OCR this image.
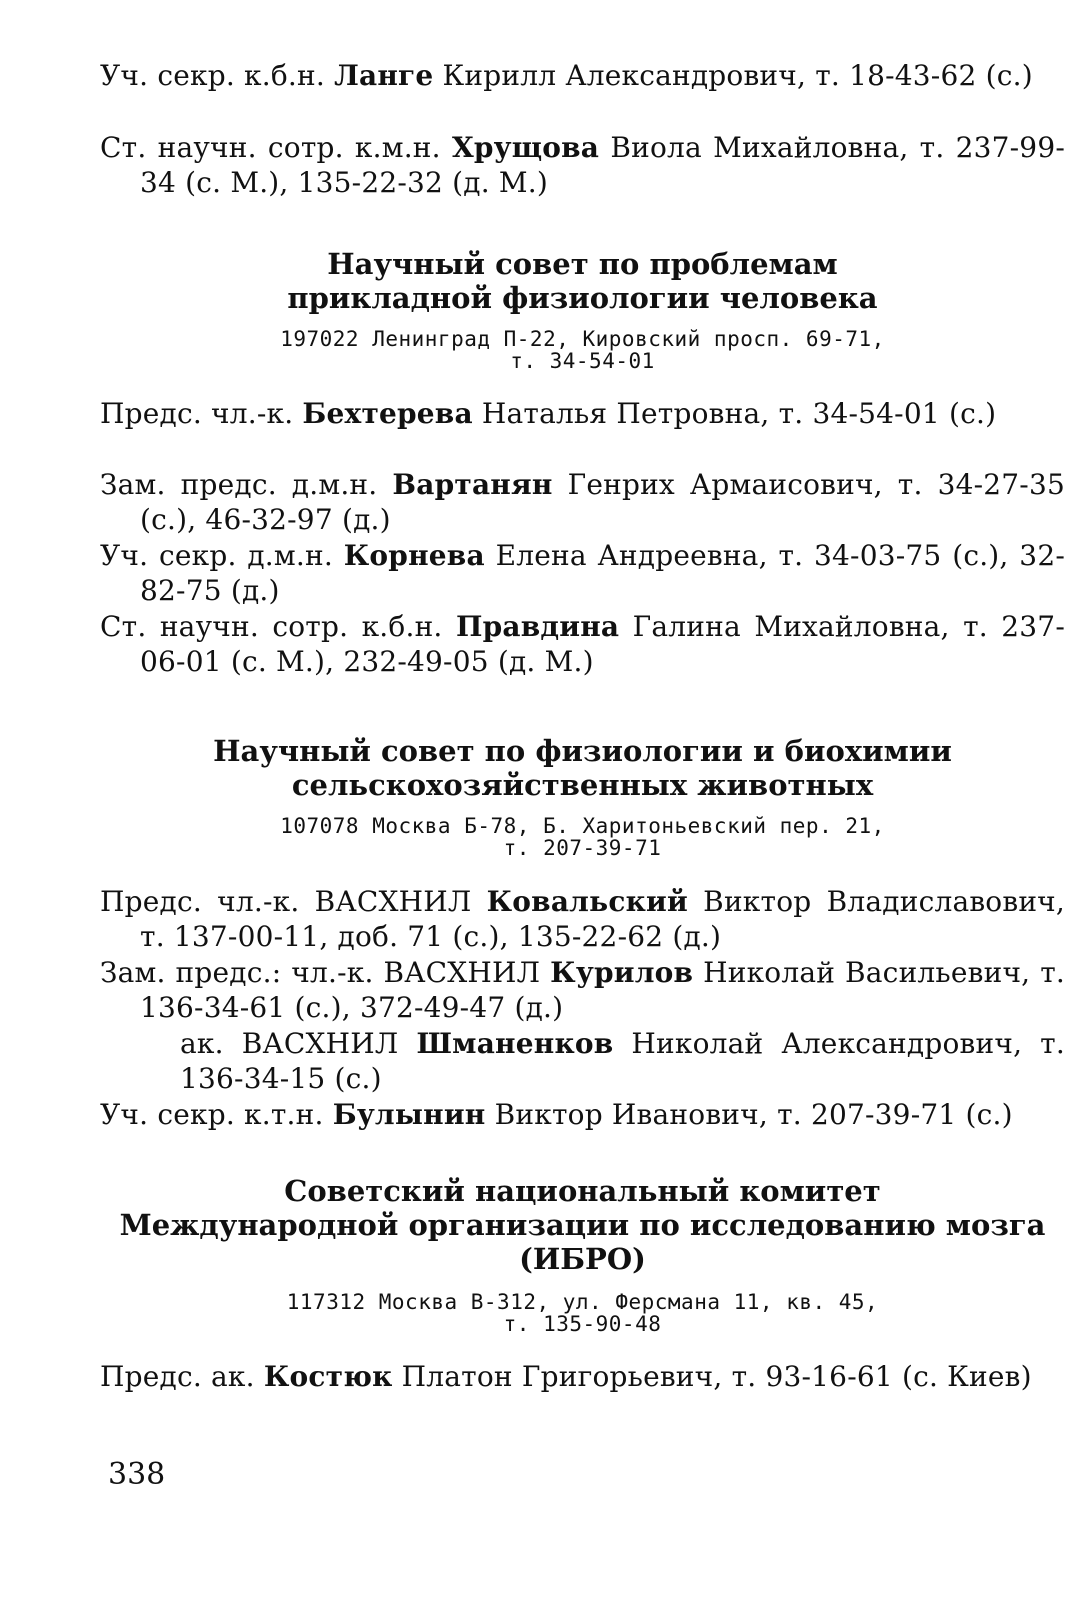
Уч. секр. к.б.н. Ланге Кирилл Александрович, т. 18-43-62 (с.)
Ст. научн. сотр. к.м.н. Хрущова Виола Михайловна, т. 237-99-34 (с. М.), 135-22-32 (д. М.)
Научный совет по проблемам
прикладной физиологии человека
197022 Ленинград П-22, Кировский просп. 69-71,
т. 34-54-01
Предс. чл.-к. Бехтерева Наталья Петровна, т. 34-54-01 (с.)
Зам. предс. д.м.н. Вартанян Генрих Армаисович, т. 34-27-35 (с.), 46-32-97 (д.)
Уч. секр. д.м.н. Корнева Елена Андреевна, т. 34-03-75 (с.), 32-82-75 (д.)
Ст. научн. сотр. к.б.н. Правдина Галина Михайловна, т. 237-06-01 (с. М.), 232-49-05 (д. М.)
Научный совет по физиологии и биохимии
сельскохозяйственных животных
107078 Москва Б-78, Б. Харитоньевский пер. 21,
т. 207-39-71
Предс. чл.-к. ВАСХНИЛ Ковальский Виктор Владиславович, т. 137-00-11, доб. 71 (с.), 135-22-62 (д.)
Зам. предс.: чл.-к. ВАСХНИЛ Курилов Николай Васильевич, т. 136-34-61 (с.), 372-49-47 (д.)
ак. ВАСХНИЛ Шманенков Николай Александрович, т. 136-34-15 (с.)
Уч. секр. к.т.н. Булынин Виктор Иванович, т. 207-39-71 (с.)
Советский национальный комитет
Международной организации по исследованию мозга
(ИБРО)
117312 Москва В-312, ул. Ферсмана 11, кв. 45,
т. 135-90-48
Предс. ак. Костюк Платон Григорьевич, т. 93-16-61 (с. Киев)
338
